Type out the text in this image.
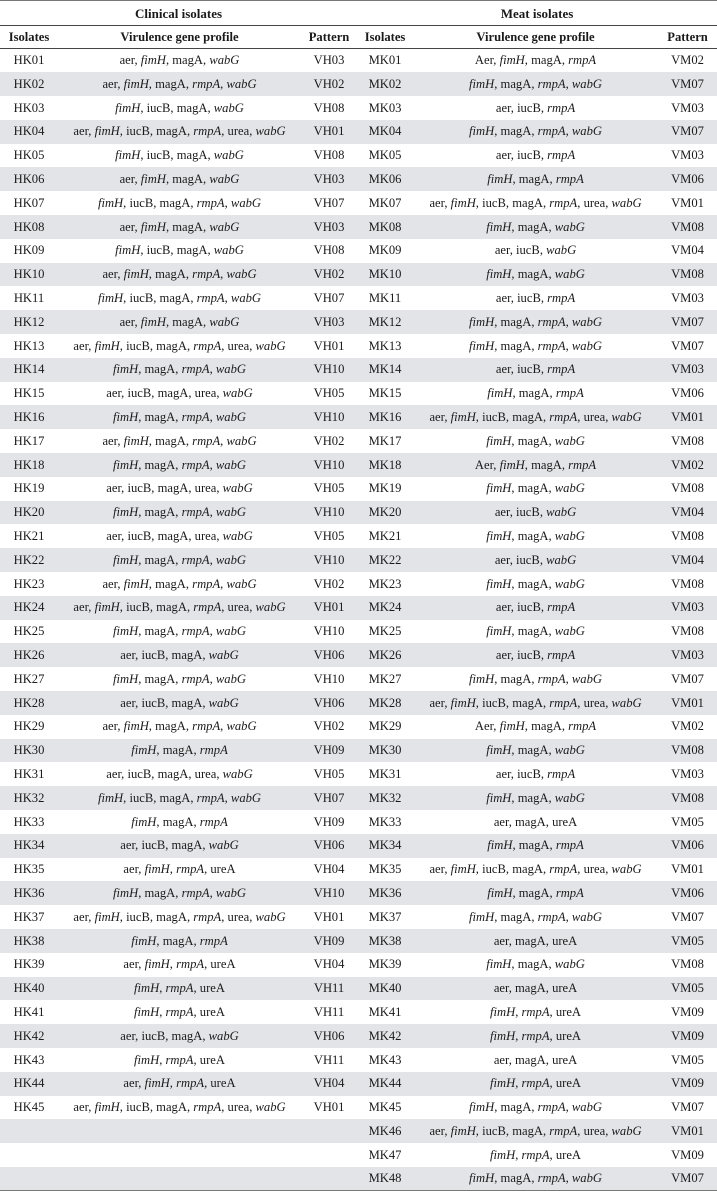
Clinical isolates			Meat isolates		
Isolates	Virulence gene profile	Pattern	Isolates	Virulence gene profile	Pattern
HK01	aer, fimH, magA, wabG	VH03	MK01	Aer, fimH, magA, rmpA	VM02
HK02	aer, fimH, magA, rmpA, wabG	VH02	MK02	fimH, magA, rmpA, wabG	VM07
HK03	fimH, iucB, magA, wabG	VH08	MK03	aer, iucB, rmpA	VM03
HK04	aer, fimH, iucB, magA, rmpA, urea, wabG	VH01	MK04	fimH, magA, rmpA, wabG	VM07
HK05	fimH, iucB, magA, wabG	VH08	MK05	aer, iucB, rmpA	VM03
HK06	aer, fimH, magA, wabG	VH03	MK06	fimH, magA, rmpA	VM06
HK07	fimH, iucB, magA, rmpA, wabG	VH07	MK07	aer, fimH, iucB, magA, rmpA, urea, wabG	VM01
HK08	aer, fimH, magA, wabG	VH03	MK08	fimH, magA, wabG	VM08
HK09	fimH, iucB, magA, wabG	VH08	MK09	aer, iucB, wabG	VM04
HK10	aer, fimH, magA, rmpA, wabG	VH02	MK10	fimH, magA, wabG	VM08
HK11	fimH, iucB, magA, rmpA, wabG	VH07	MK11	aer, iucB, rmpA	VM03
HK12	aer, fimH, magA, wabG	VH03	MK12	fimH, magA, rmpA, wabG	VM07
HK13	aer, fimH, iucB, magA, rmpA, urea, wabG	VH01	MK13	fimH, magA, rmpA, wabG	VM07
HK14	fimH, magA, rmpA, wabG	VH10	MK14	aer, iucB, rmpA	VM03
HK15	aer, iucB, magA, urea, wabG	VH05	MK15	fimH, magA, rmpA	VM06
HK16	fimH, magA, rmpA, wabG	VH10	MK16	aer, fimH, iucB, magA, rmpA, urea, wabG	VM01
HK17	aer, fimH, magA, rmpA, wabG	VH02	MK17	fimH, magA, wabG	VM08
HK18	fimH, magA, rmpA, wabG	VH10	MK18	Aer, fimH, magA, rmpA	VM02
HK19	aer, iucB, magA, urea, wabG	VH05	MK19	fimH, magA, wabG	VM08
HK20	fimH, magA, rmpA, wabG	VH10	MK20	aer, iucB, wabG	VM04
HK21	aer, iucB, magA, urea, wabG	VH05	MK21	fimH, magA, wabG	VM08
HK22	fimH, magA, rmpA, wabG	VH10	MK22	aer, iucB, wabG	VM04
HK23	aer, fimH, magA, rmpA, wabG	VH02	MK23	fimH, magA, wabG	VM08
HK24	aer, fimH, iucB, magA, rmpA, urea, wabG	VH01	MK24	aer, iucB, rmpA	VM03
HK25	fimH, magA, rmpA, wabG	VH10	MK25	fimH, magA, wabG	VM08
HK26	aer, iucB, magA, wabG	VH06	MK26	aer, iucB, rmpA	VM03
HK27	fimH, magA, rmpA, wabG	VH10	MK27	fimH, magA, rmpA, wabG	VM07
HK28	aer, iucB, magA, wabG	VH06	MK28	aer, fimH, iucB, magA, rmpA, urea, wabG	VM01
HK29	aer, fimH, magA, rmpA, wabG	VH02	MK29	Aer, fimH, magA, rmpA	VM02
HK30	fimH, magA, rmpA	VH09	MK30	fimH, magA, wabG	VM08
HK31	aer, iucB, magA, urea, wabG	VH05	MK31	aer, iucB, rmpA	VM03
HK32	fimH, iucB, magA, rmpA, wabG	VH07	MK32	fimH, magA, wabG	VM08
HK33	fimH, magA, rmpA	VH09	MK33	aer, magA, ureA	VM05
HK34	aer, iucB, magA, wabG	VH06	MK34	fimH, magA, rmpA	VM06
HK35	aer, fimH, rmpA, ureA	VH04	MK35	aer, fimH, iucB, magA, rmpA, urea, wabG	VM01
HK36	fimH, magA, rmpA, wabG	VH10	MK36	fimH, magA, rmpA	VM06
HK37	aer, fimH, iucB, magA, rmpA, urea, wabG	VH01	MK37	fimH, magA, rmpA, wabG	VM07
HK38	fimH, magA, rmpA	VH09	MK38	aer, magA, ureA	VM05
HK39	aer, fimH, rmpA, ureA	VH04	MK39	fimH, magA, wabG	VM08
HK40	fimH, rmpA, ureA	VH11	MK40	aer, magA, ureA	VM05
HK41	fimH, rmpA, ureA	VH11	MK41	fimH, rmpA, ureA	VM09
HK42	aer, iucB, magA, wabG	VH06	MK42	fimH, rmpA, ureA	VM09
HK43	fimH, rmpA, ureA	VH11	MK43	aer, magA, ureA	VM05
HK44	aer, fimH, rmpA, ureA	VH04	MK44	fimH, rmpA, ureA	VM09
HK45	aer, fimH, iucB, magA, rmpA, urea, wabG	VH01	MK45	fimH, magA, rmpA, wabG	VM07
			MK46	aer, fimH, iucB, magA, rmpA, urea, wabG	VM01
			MK47	fimH, rmpA, ureA	VM09
			MK48	fimH, magA, rmpA, wabG	VM07
